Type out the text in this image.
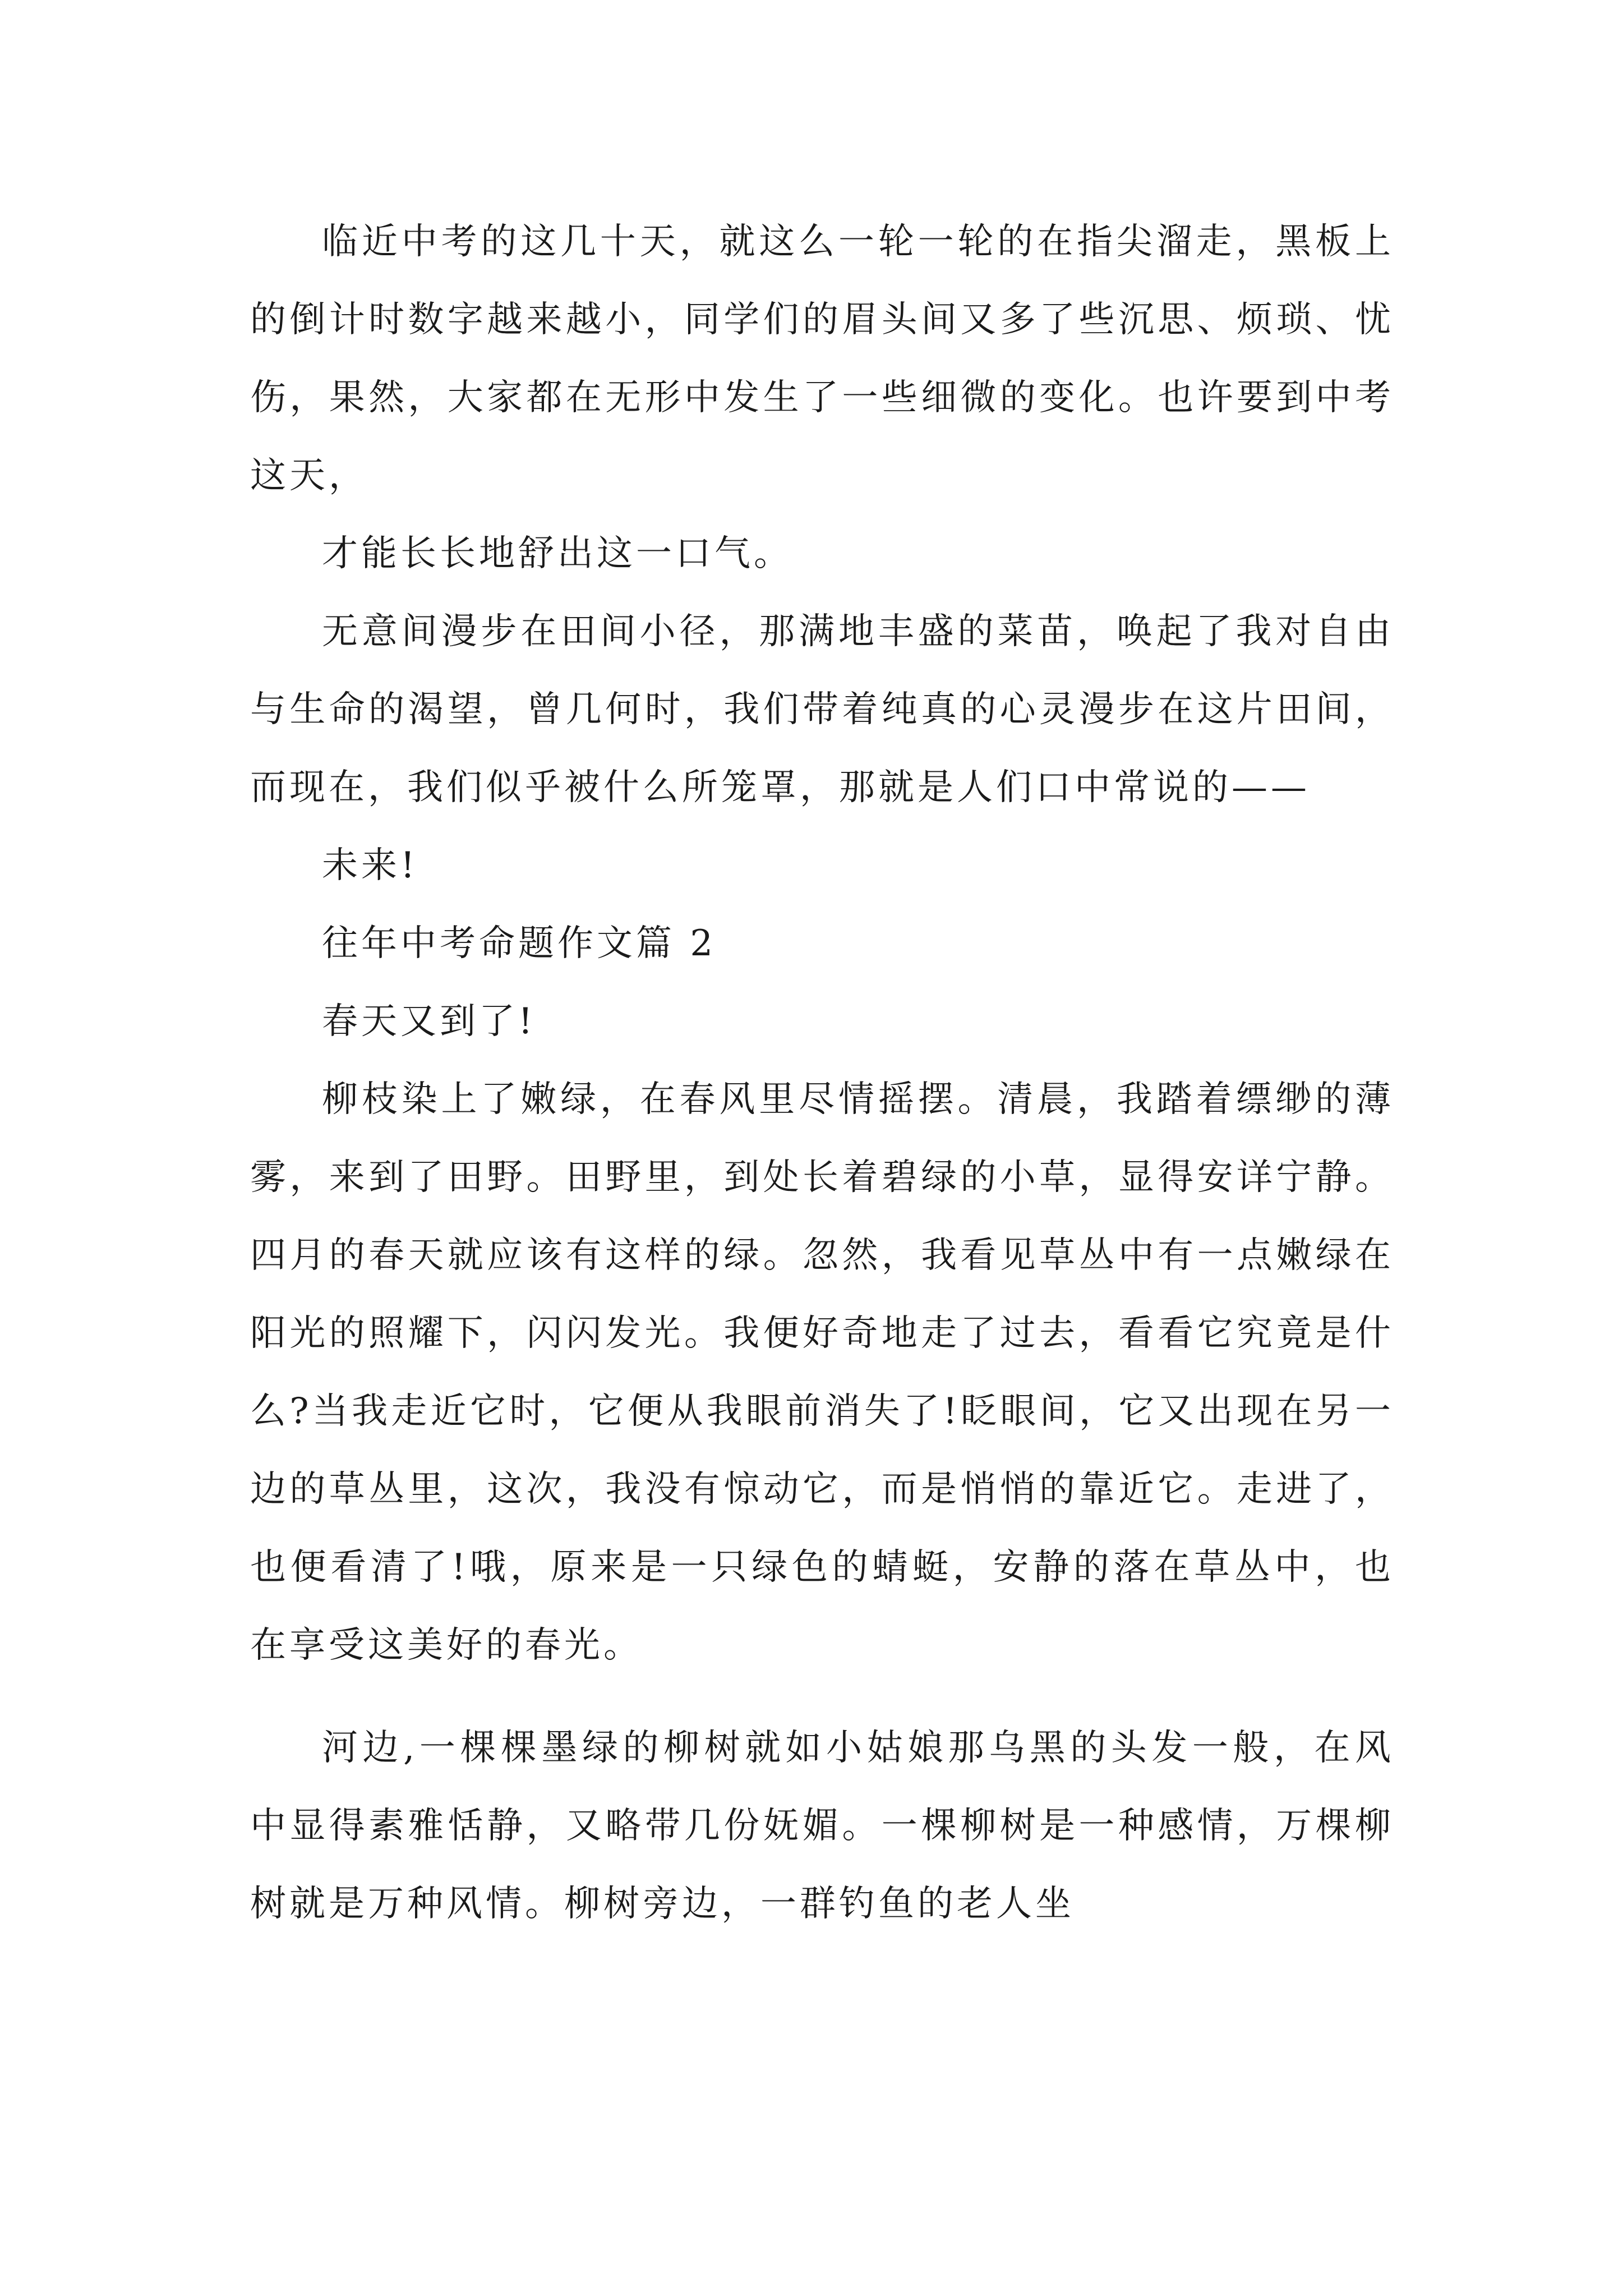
临近中考的这几十天，就这么一轮一轮的在指尖溜走，黑板上的倒计时数字越来越小，同学们的眉头间又多了些沉思、烦琐、忧伤，果然，大家都在无形中发生了一些细微的变化。也许要到中考这天，

才能长长地舒出这一口气。

无意间漫步在田间小径，那满地丰盛的菜苗，唤起了我对自由与生命的渴望，曾几何时，我们带着纯真的心灵漫步在这片田间，而现在，我们似乎被什么所笼罩，那就是人们口中常说的——

未来!

往年中考命题作文篇 2

春天又到了!

柳枝染上了嫩绿，在春风里尽情摇摆。清晨，我踏着缥缈的薄雾，来到了田野。田野里，到处长着碧绿的小草，显得安详宁静。四月的春天就应该有这样的绿。忽然，我看见草丛中有一点嫩绿在阳光的照耀下，闪闪发光。我便好奇地走了过去，看看它究竟是什么?当我走近它时，它便从我眼前消失了!眨眼间，它又出现在另一边的草丛里，这次，我没有惊动它，而是悄悄的靠近它。走进了，也便看清了!哦，原来是一只绿色的蜻蜓，安静的落在草丛中，也在享受这美好的春光。

河边,一棵棵墨绿的柳树就如小姑娘那乌黑的头发一般，在风中显得素雅恬静，又略带几份妩媚。一棵柳树是一种感情，万棵柳树就是万种风情。柳树旁边，一群钓鱼的老人坐
